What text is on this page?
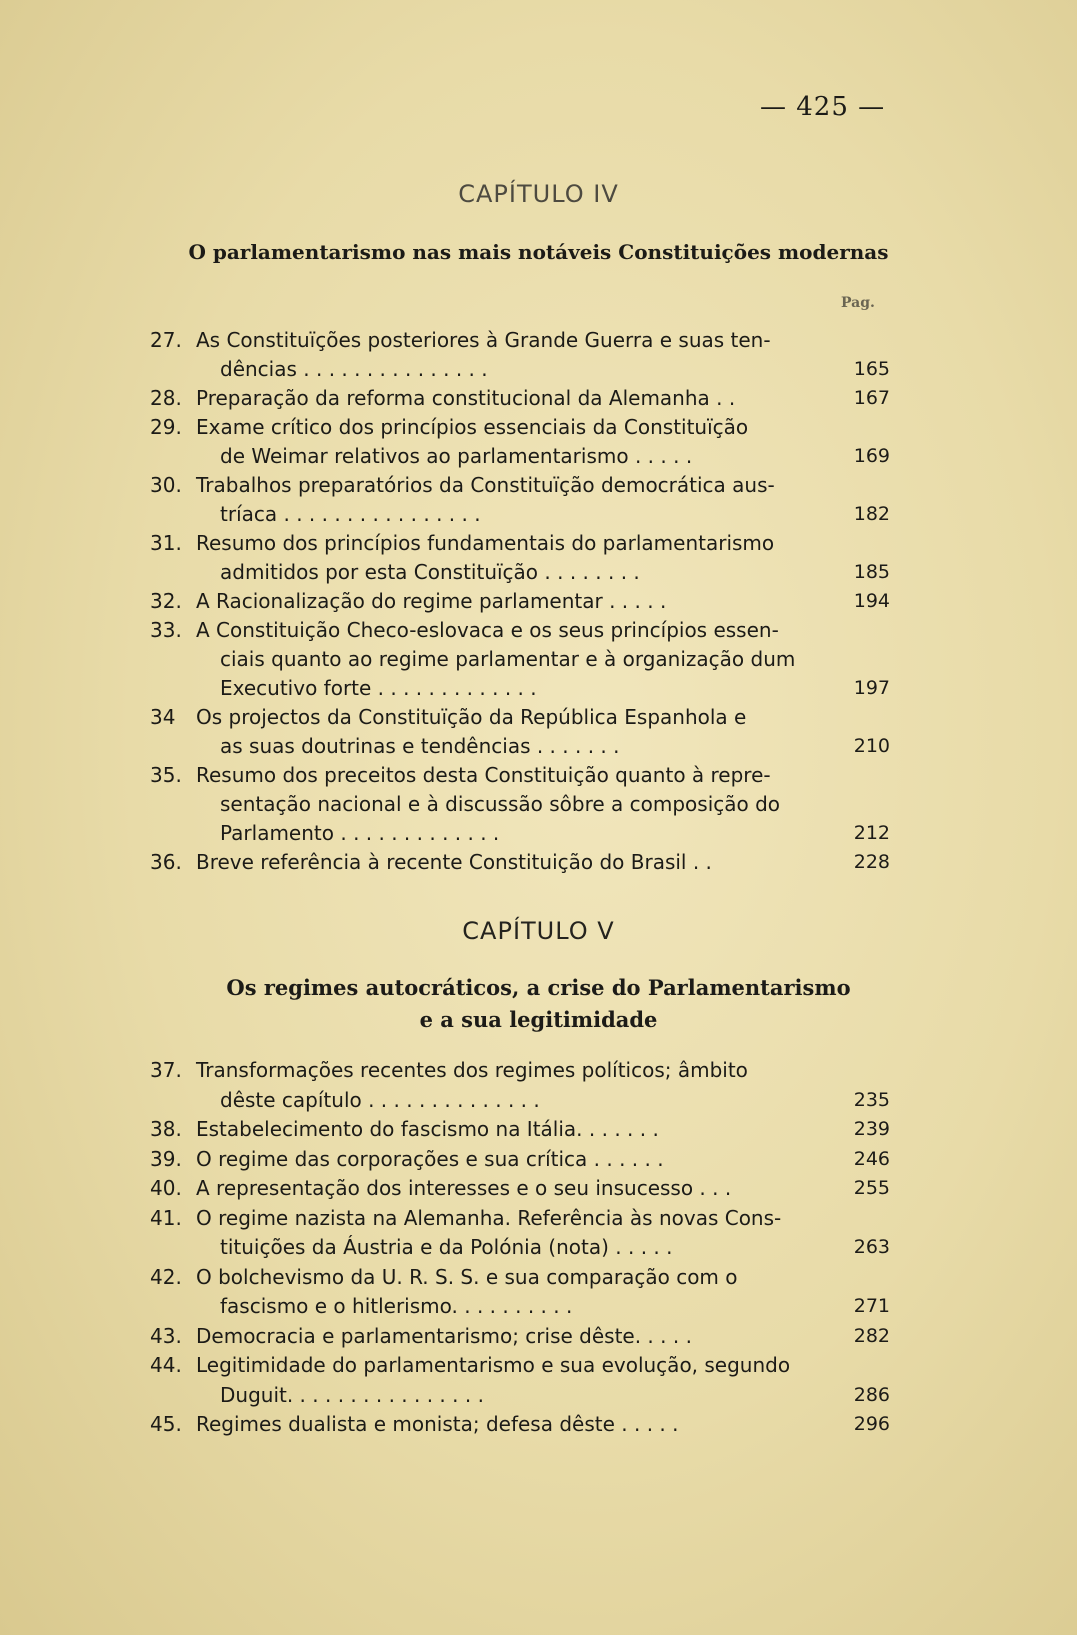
— 425 —
CAPÍTULO IV
O parlamentarismo nas mais notáveis Constituições modernas
Pag.
27. As Constituïções posteriores à Grande Guerra e suas ten-
dências . . . . . . . . . . . . . . .	165
28. Preparação da reforma constitucional da Alemanha . .	167
29. Exame crítico dos princípios essenciais da Constituïção
de Weimar relativos ao parlamentarismo . . . . .	169
30. Trabalhos preparatórios da Constituïção democrática aus-
tríaca . . . . . . . . . . . . . . . .	182
31. Resumo dos princípios fundamentais do parlamentarismo
admitidos por esta Constituïção . . . . . . . .	185
32. A Racionalização do regime parlamentar . . . . .	194
33. A Constituição Checo-eslovaca e os seus princípios essen-
ciais quanto ao regime parlamentar e à organização dum
Executivo forte . . . . . . . . . . . . .	197
34	Os projectos da Constituïção da República Espanhola e
as suas doutrinas e tendências . . . . . . .	210
35. Resumo dos preceitos desta Constituição quanto à repre-
sentação nacional e à discussão sôbre a composição do
Parlamento . . . . . . . . . . . . .	212
36. Breve referência à recente Constituição do Brasil . .	228
CAPÍTULO V
Os regimes autocráticos, a crise do Parlamentarismo
e a sua legitimidade
37. Transformações recentes dos regimes políticos; âmbito
dêste capítulo . . . . . . . . . . . . . .	235
38. Estabelecimento do fascismo na Itália. . . . . . .	239
39. O regime das corporações e sua crítica . . . . . .	246
40. A representação dos interesses e o seu insucesso . . .	255
41. O regime nazista na Alemanha. Referência às novas Cons-
tituições da Áustria e da Polónia (nota) . . . . .	263
42. O bolchevismo da U. R. S. S. e sua comparação com o
fascismo e o hitlerismo. . . . . . . . . .	271
43. Democracia e parlamentarismo; crise dêste. . . . .	282
44. Legitimidade do parlamentarismo e sua evolução, segundo
Duguit. . . . . . . . . . . . . . . .	286
45. Regimes dualista e monista; defesa dêste . . . . .	296
